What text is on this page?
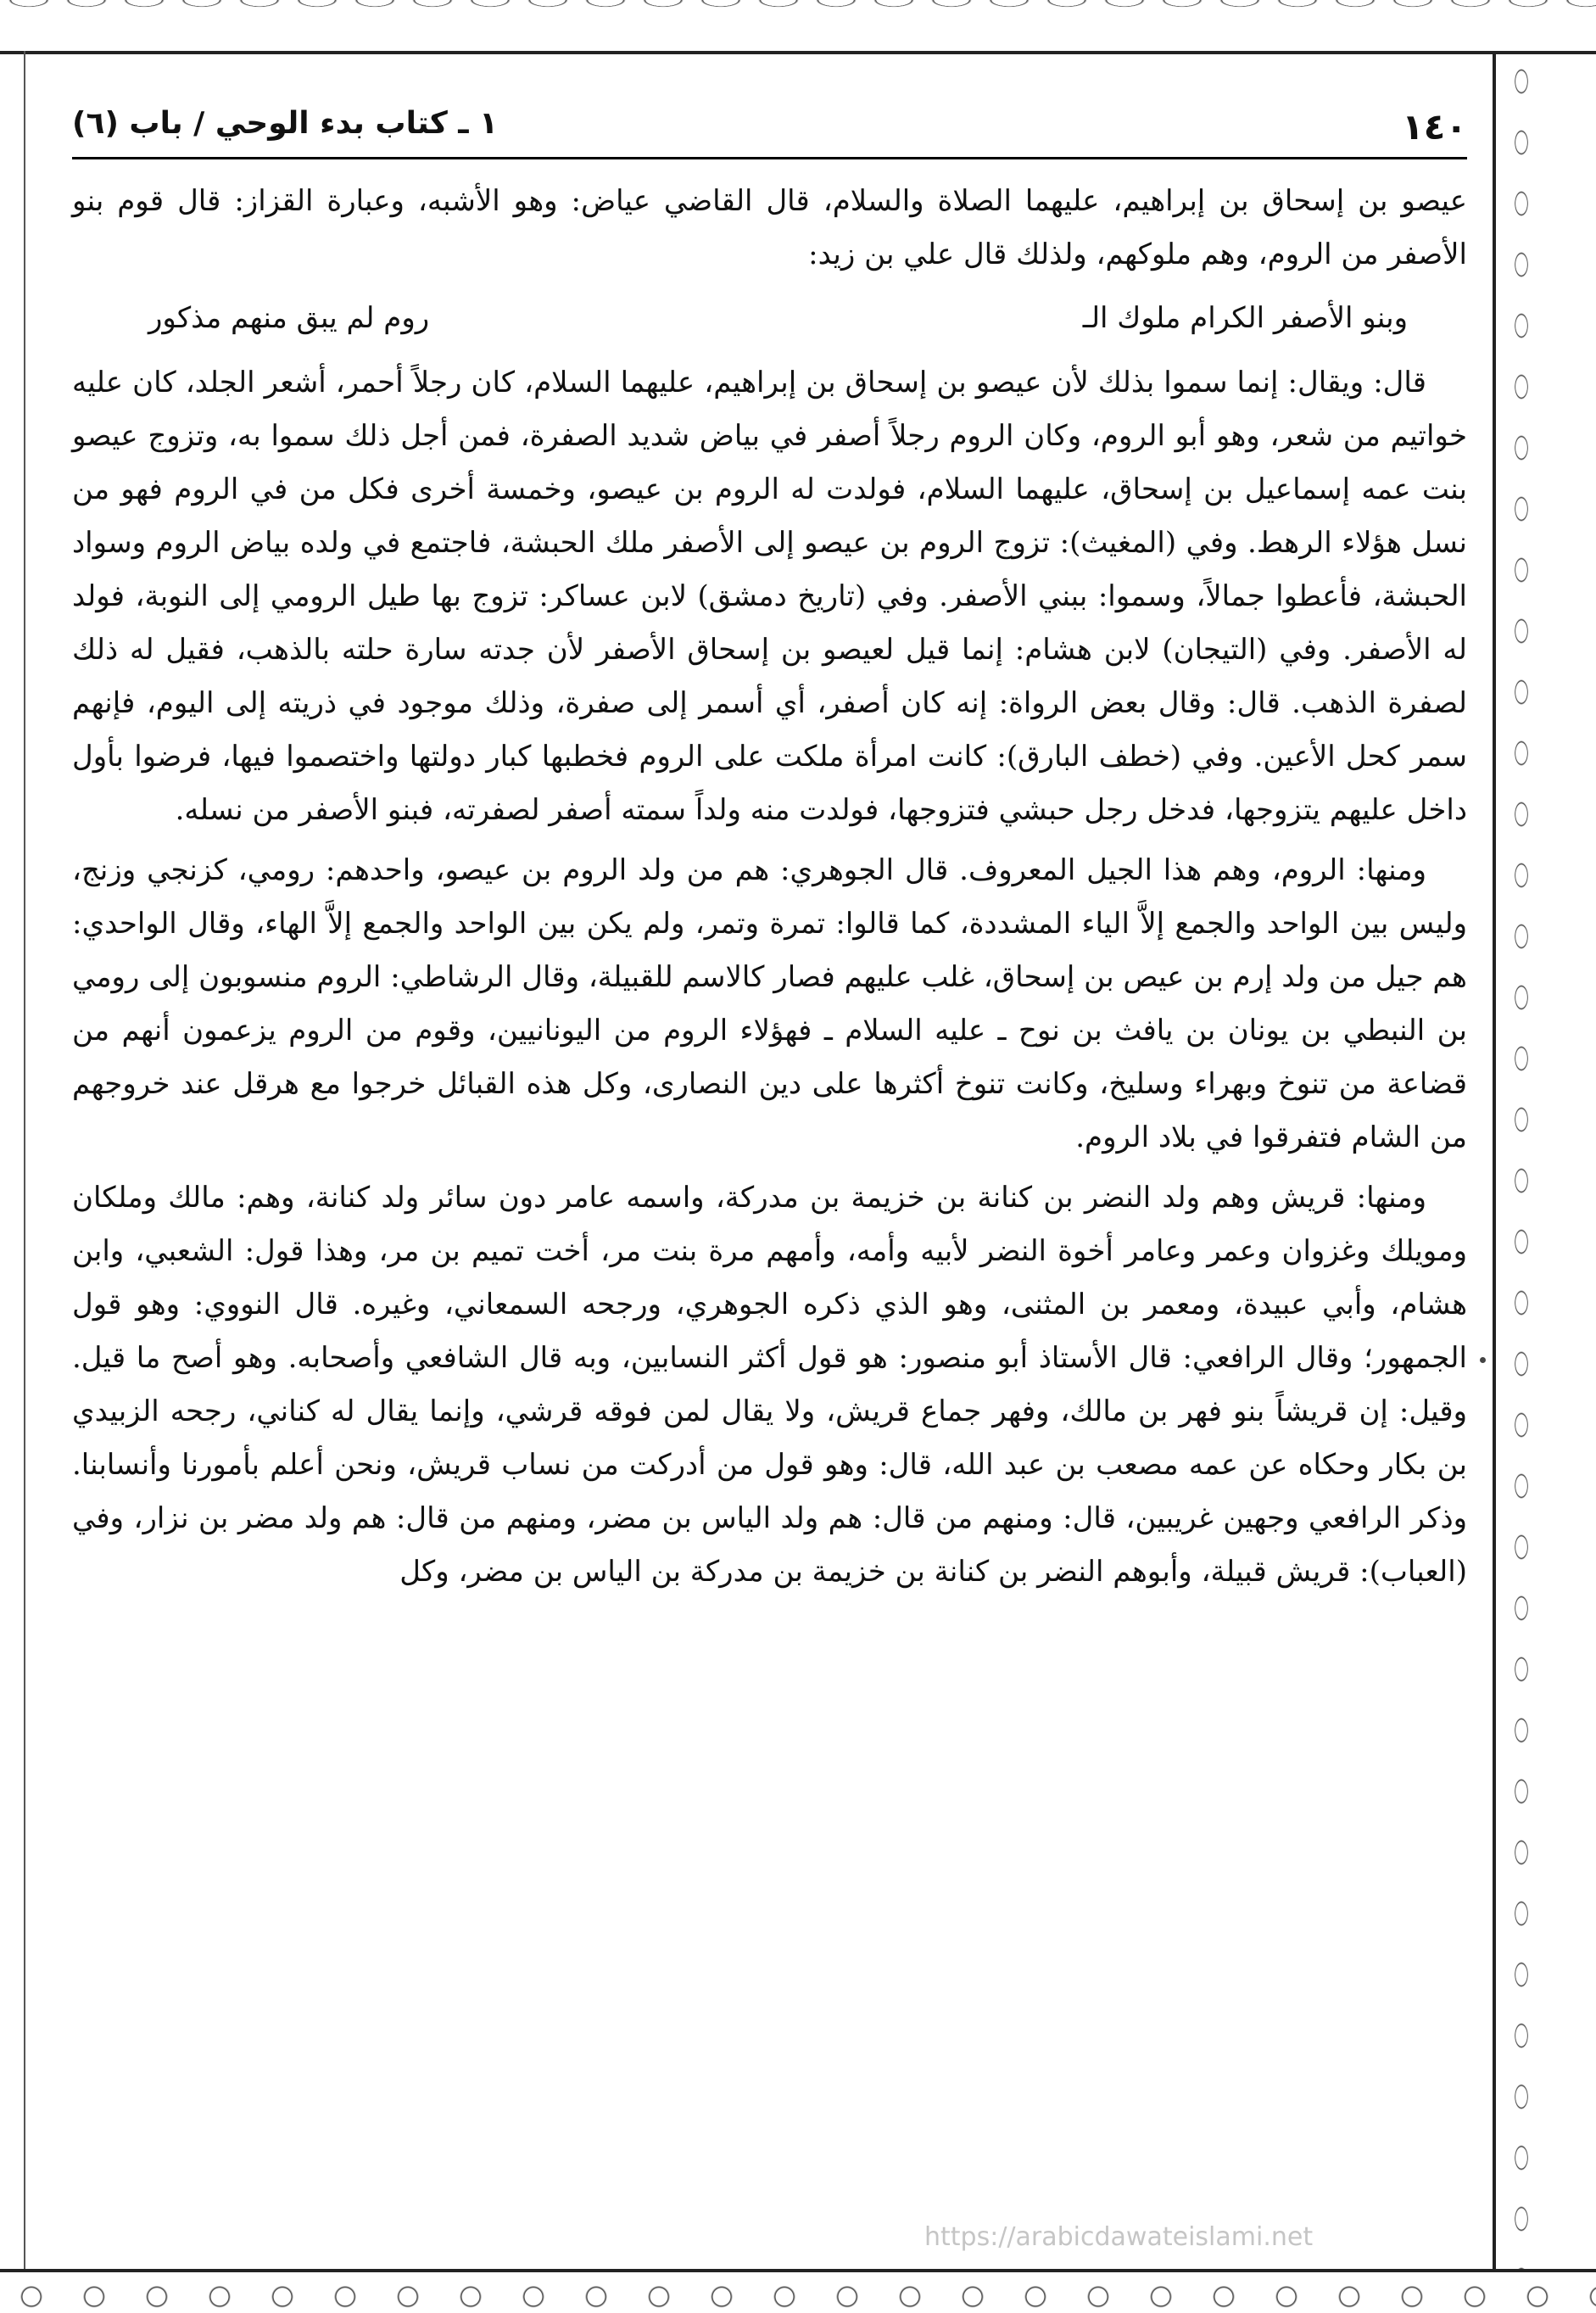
١٤٠
١ ـ كتاب بدء الوحي / باب (٦)

عيصو بن إسحاق بن إبراهيم، عليهما الصلاة والسلام، قال القاضي عياض: وهو الأشبه، وعبارة القزاز: قال قوم بنو الأصفر من الروم، وهم ملوكهم، ولذلك قال علي بن زيد:

وبنو الأصفر الكرام ملوك الـ
روم لم يبق منهم مذكور

قال: ويقال: إنما سموا بذلك لأن عيصو بن إسحاق بن إبراهيم، عليهما السلام، كان رجلاً أحمر، أشعر الجلد، كان عليه خواتيم من شعر، وهو أبو الروم، وكان الروم رجلاً أصفر في بياض شديد الصفرة، فمن أجل ذلك سموا به، وتزوج عيصو بنت عمه إسماعيل بن إسحاق، عليهما السلام، فولدت له الروم بن عيصو، وخمسة أخرى فكل من في الروم فهو من نسل هؤلاء الرهط. وفي (المغيث): تزوج الروم بن عيصو إلى الأصفر ملك الحبشة، فاجتمع في ولده بياض الروم وسواد الحبشة، فأعطوا جمالاً، وسموا: ببني الأصفر. وفي (تاريخ دمشق) لابن عساكر: تزوج بها طيل الرومي إلى النوبة، فولد له الأصفر. وفي (التيجان) لابن هشام: إنما قيل لعيصو بن إسحاق الأصفر لأن جدته سارة حلته بالذهب، فقيل له ذلك لصفرة الذهب. قال: وقال بعض الرواة: إنه كان أصفر، أي أسمر إلى صفرة، وذلك موجود في ذريته إلى اليوم، فإنهم سمر كحل الأعين. وفي (خطف البارق): كانت امرأة ملكت على الروم فخطبها كبار دولتها واختصموا فيها، فرضوا بأول داخل عليهم يتزوجها، فدخل رجل حبشي فتزوجها، فولدت منه ولداً سمته أصفر لصفرته، فبنو الأصفر من نسله.

ومنها: الروم، وهم هذا الجيل المعروف. قال الجوهري: هم من ولد الروم بن عيصو، واحدهم: رومي، كزنجي وزنج، وليس بين الواحد والجمع إلاَّ الياء المشددة، كما قالوا: تمرة وتمر، ولم يكن بين الواحد والجمع إلاَّ الهاء، وقال الواحدي: هم جيل من ولد إرم بن عيص بن إسحاق، غلب عليهم فصار كالاسم للقبيلة، وقال الرشاطي: الروم منسوبون إلى رومي بن النبطي بن يونان بن يافث بن نوح ـ عليه السلام ـ فهؤلاء الروم من اليونانيين، وقوم من الروم يزعمون أنهم من قضاعة من تنوخ وبهراء وسليخ، وكانت تنوخ أكثرها على دين النصارى، وكل هذه القبائل خرجوا مع هرقل عند خروجهم من الشام فتفرقوا في بلاد الروم.

ومنها: قريش وهم ولد النضر بن كنانة بن خزيمة بن مدركة، واسمه عامر دون سائر ولد كنانة، وهم: مالك وملكان ومويلك وغزوان وعمر وعامر أخوة النضر لأبيه وأمه، وأمهم مرة بنت مر، أخت تميم بن مر، وهذا قول: الشعبي، وابن هشام، وأبي عبيدة، ومعمر بن المثنى، وهو الذي ذكره الجوهري، ورجحه السمعاني، وغيره. قال النووي: وهو قول الجمهور؛ وقال الرافعي: قال الأستاذ أبو منصور: هو قول أكثر النسابين، وبه قال الشافعي وأصحابه. وهو أصح ما قيل. وقيل: إن قريشاً بنو فهر بن مالك، وفهر جماع قريش، ولا يقال لمن فوقه قرشي، وإنما يقال له كناني، رجحه الزبيدي بن بكار وحكاه عن عمه مصعب بن عبد الله، قال: وهو قول من أدركت من نساب قريش، ونحن أعلم بأمورنا وأنسابنا. وذكر الرافعي وجهين غريبين، قال: ومنهم من قال: هم ولد الياس بن مضر، ومنهم من قال: هم ولد مضر بن نزار، وفي (العباب): قريش قبيلة، وأبوهم النضر بن كنانة بن خزيمة بن مدركة بن الياس بن مضر، وكل

https://arabicdawateislami.net
